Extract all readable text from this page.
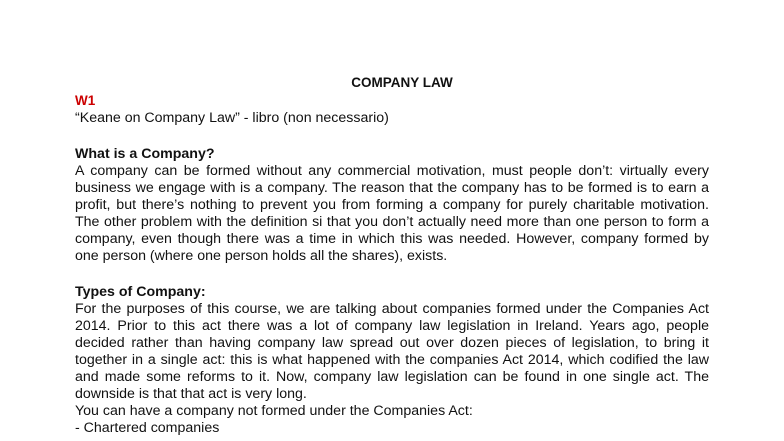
COMPANY LAW
W1
“Keane on Company Law” - libro (non necessario)
What is a Company?
A company can be formed without any commercial motivation, must people don’t: virtually every business we engage with is a company. The reason that the company has to be formed is to earn a profit, but there’s nothing to prevent you from forming a company for purely charitable motivation. The other problem with the definition si that you don’t actually need more than one person to form a company, even though there was a time in which this was needed. However, company formed by one person (where one person holds all the shares), exists.
Types of Company:
For the purposes of this course, we are talking about companies formed under the Companies Act 2014. Prior to this act there was a lot of company law legislation in Ireland. Years ago, people decided rather than having company law spread out over dozen pieces of legislation, to bring it together in a single act: this is what happened with the companies Act 2014, which codified the law and made some reforms to it. Now, company law legislation can be found in one single act. The downside is that that act is very long.
You can have a company not formed under the Companies Act:
- Chartered companies
